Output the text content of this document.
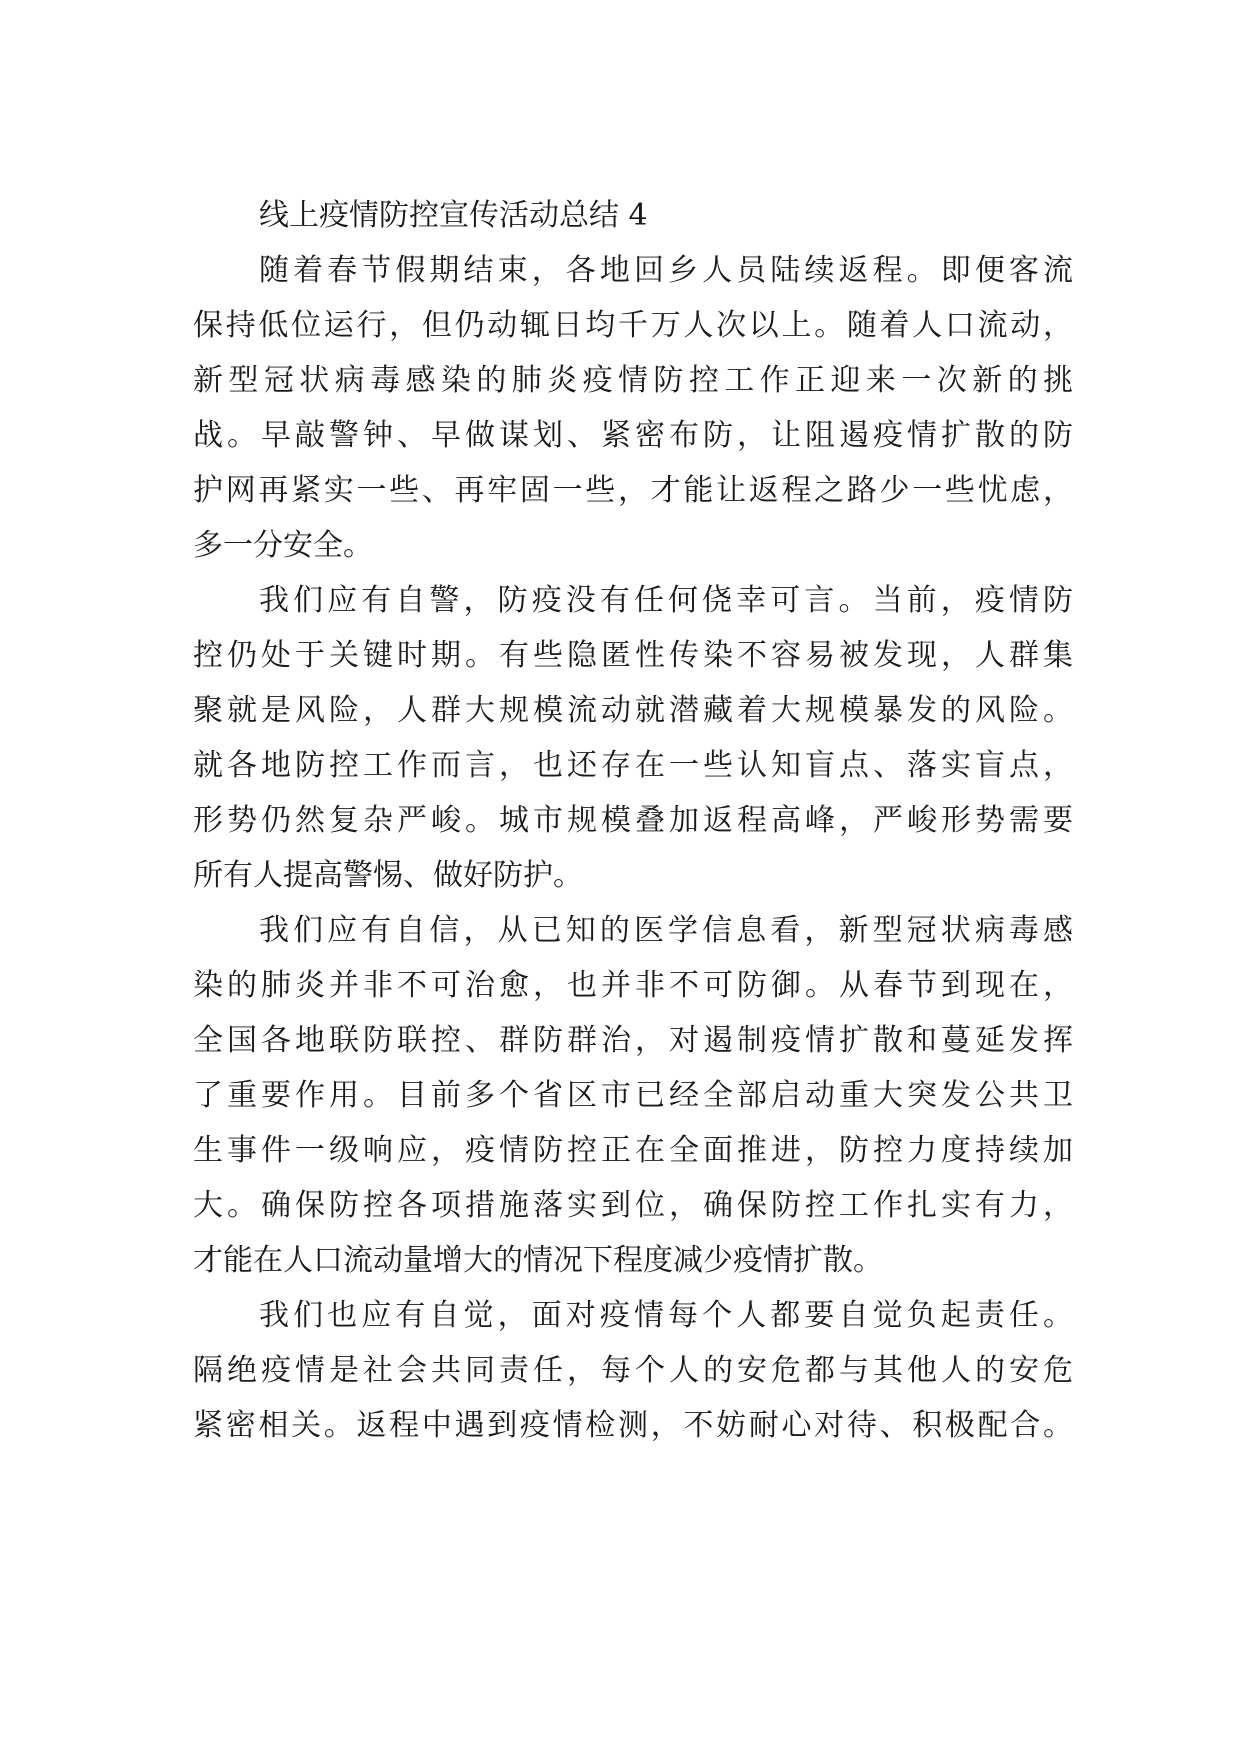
线上疫情防控宣传活动总结 4
随着春节假期结束，各地回乡人员陆续返程。即便客流
保持低位运行，但仍动辄日均千万人次以上。随着人口流动，
新型冠状病毒感染的肺炎疫情防控工作正迎来一次新的挑
战。早敲警钟、早做谋划、紧密布防，让阻遏疫情扩散的防
护网再紧实一些、再牢固一些，才能让返程之路少一些忧虑，
多一分安全。
我们应有自警，防疫没有任何侥幸可言。当前，疫情防
控仍处于关键时期。有些隐匿性传染不容易被发现，人群集
聚就是风险，人群大规模流动就潜藏着大规模暴发的风险。
就各地防控工作而言，也还存在一些认知盲点、落实盲点，
形势仍然复杂严峻。城市规模叠加返程高峰，严峻形势需要
所有人提高警惕、做好防护。
我们应有自信，从已知的医学信息看，新型冠状病毒感
染的肺炎并非不可治愈，也并非不可防御。从春节到现在，
全国各地联防联控、群防群治，对遏制疫情扩散和蔓延发挥
了重要作用。目前多个省区市已经全部启动重大突发公共卫
生事件一级响应，疫情防控正在全面推进，防控力度持续加
大。确保防控各项措施落实到位，确保防控工作扎实有力，
才能在人口流动量增大的情况下程度减少疫情扩散。
我们也应有自觉，面对疫情每个人都要自觉负起责任。
隔绝疫情是社会共同责任，每个人的安危都与其他人的安危
紧密相关。返程中遇到疫情检测，不妨耐心对待、积极配合。
